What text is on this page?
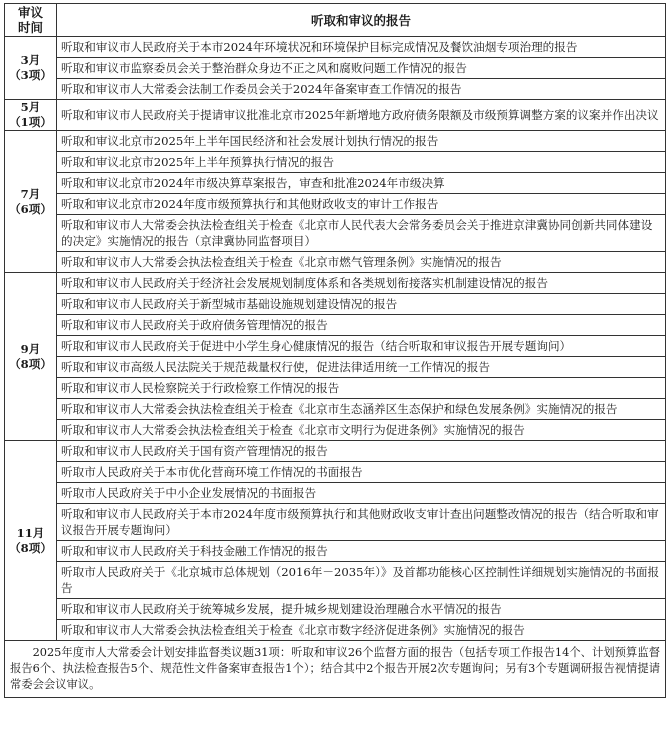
审议
时间	听取和审议的报告

3月
（3项）	听取和审议市人民政府关于本市2024年环境状况和环境保护目标完成情况及餐饮油烟专项治理的报告
	听取和审议市监察委员会关于整治群众身边不正之风和腐败问题工作情况的报告
	听取和审议市人大常委会法制工作委员会关于2024年备案审查工作情况的报告

5月
（1项）	听取和审议市人民政府关于提请审议批准北京市2025年新增地方政府债务限额及市级预算调整方案的议案并作出决议

7月
（6项）	听取和审议北京市2025年上半年国民经济和社会发展计划执行情况的报告
	听取和审议北京市2025年上半年预算执行情况的报告
	听取和审议北京市2024年市级决算草案报告，审查和批准2024年市级决算
	听取和审议北京市2024年度市级预算执行和其他财政收支的审计工作报告
	听取和审议市人大常委会执法检查组关于检查《北京市人民代表大会常务委员会关于推进京津冀协同创新共同体建设的决定》实施情况的报告（京津冀协同监督项目）
	听取和审议市人大常委会执法检查组关于检查《北京市燃气管理条例》实施情况的报告

9月
（8项）	听取和审议市人民政府关于经济社会发展规划制度体系和各类规划衔接落实机制建设情况的报告
	听取和审议市人民政府关于新型城市基础设施规划建设情况的报告
	听取和审议市人民政府关于政府债务管理情况的报告
	听取和审议市人民政府关于促进中小学生身心健康情况的报告（结合听取和审议报告开展专题询问）
	听取和审议市高级人民法院关于规范裁量权行使，促进法律适用统一工作情况的报告
	听取和审议市人民检察院关于行政检察工作情况的报告
	听取和审议市人大常委会执法检查组关于检查《北京市生态涵养区生态保护和绿色发展条例》实施情况的报告
	听取和审议市人大常委会执法检查组关于检查《北京市文明行为促进条例》实施情况的报告

11月
（8项）	听取和审议市人民政府关于国有资产管理情况的报告
	听取市人民政府关于本市优化营商环境工作情况的书面报告
	听取市人民政府关于中小企业发展情况的书面报告
	听取和审议市人民政府关于本市2024年度市级预算执行和其他财政收支审计查出问题整改情况的报告（结合听取和审议报告开展专题询问）
	听取和审议市人民政府关于科技金融工作情况的报告
	听取市人民政府关于《北京城市总体规划（2016年－2035年）》及首都功能核心区控制性详细规划实施情况的书面报告
	听取和审议市人民政府关于统筹城乡发展，提升城乡规划建设治理融合水平情况的报告
	听取和审议市人大常委会执法检查组关于检查《北京市数字经济促进条例》实施情况的报告
2025年度市人大常委会计划安排监督类议题31项：听取和审议26个监督方面的报告（包括专项工作报告14个、计划预算监督报告6个、执法检查报告5个、规范性文件备案审查报告1个）；结合其中2个报告开展2次专题询问；另有3个专题调研报告视情提请常委会会议审议。	
